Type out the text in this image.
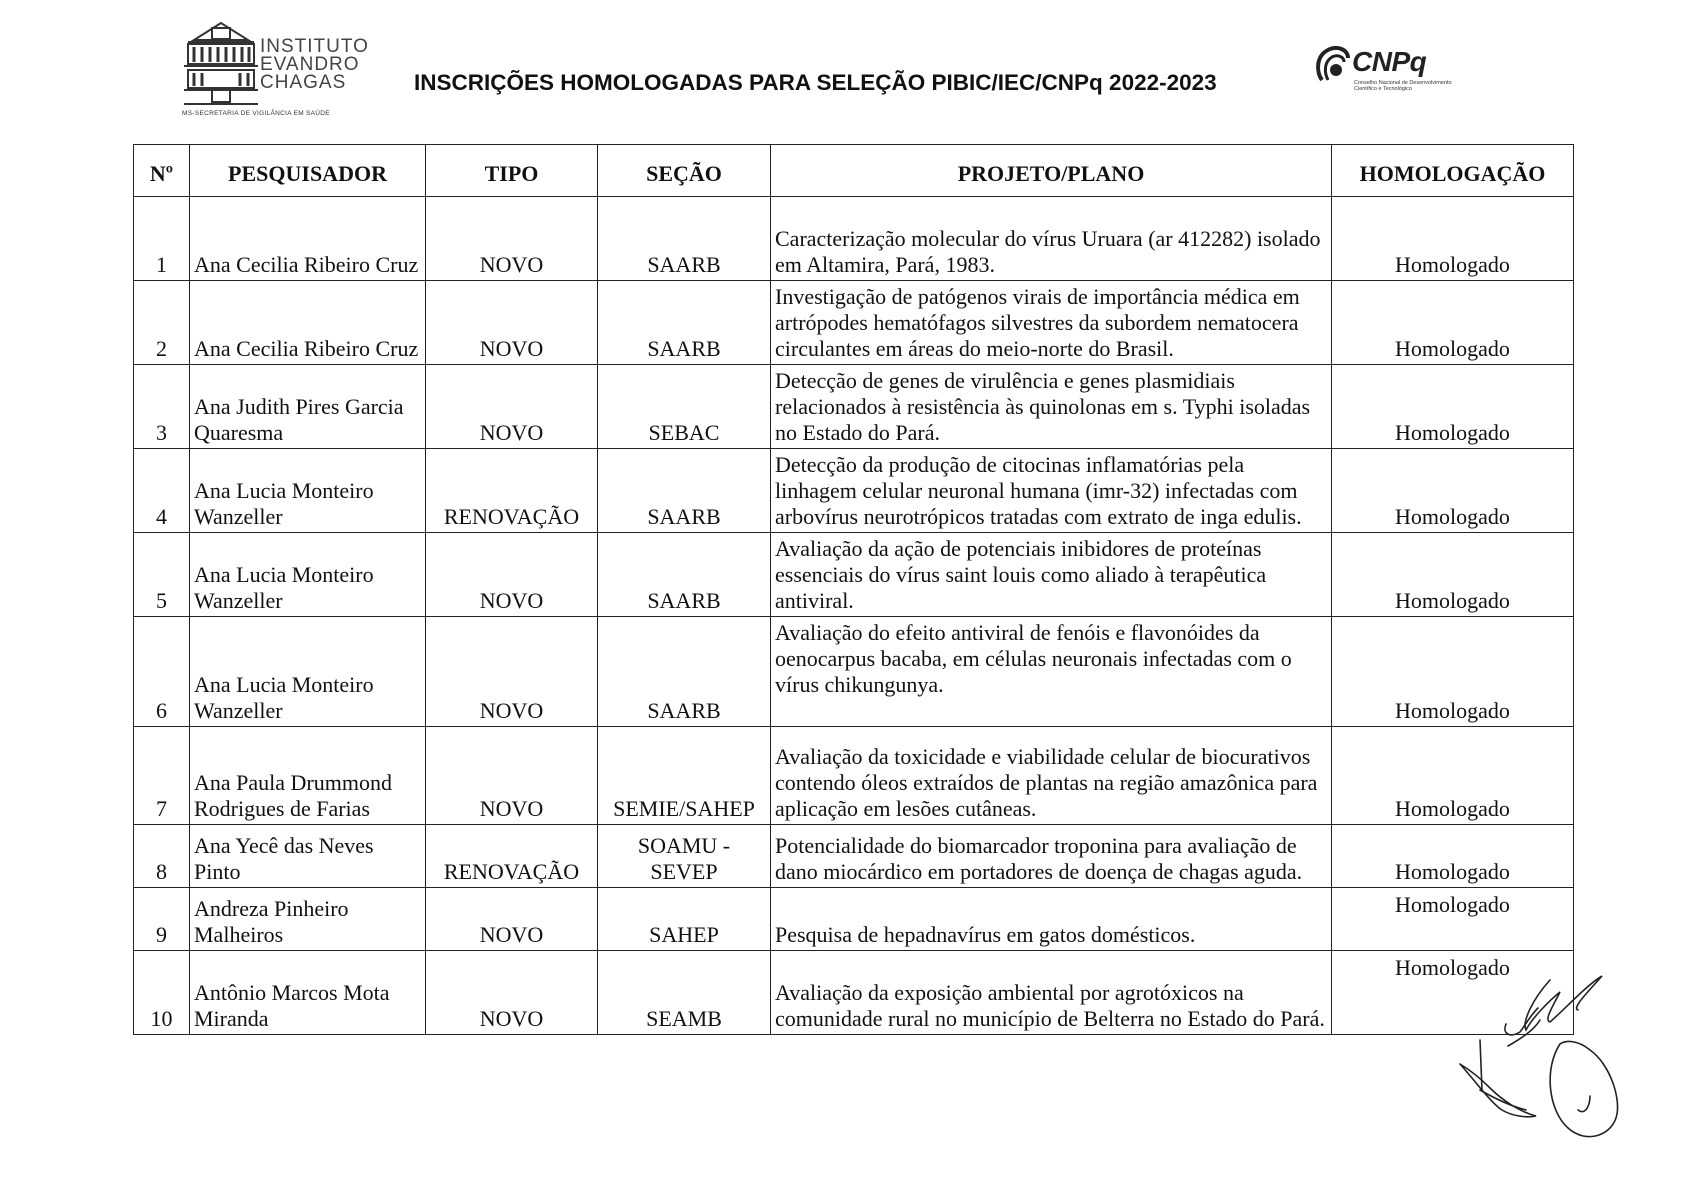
INSTITUTO
EVANDRO
CHAGAS
MS-SECRETARIA DE VIGILÂNCIA EM SAÚDE
INSCRIÇÕES HOMOLOGADAS PARA SELEÇÃO PIBIC/IEC/CNPq 2022-2023
CNPq
Conselho Nacional de Desenvolvimento Científico e Tecnológico
Nº	PESQUISADOR	TIPO	SEÇÃO	PROJETO/PLANO	HOMOLOGAÇÃO
1	Ana Cecilia Ribeiro Cruz	NOVO	SAARB	Caracterização molecular do vírus Uruara (ar 412282) isolado em Altamira, Pará, 1983.	Homologado
2	Ana Cecilia Ribeiro Cruz	NOVO	SAARB	Investigação de patógenos virais de importância médica em artrópodes hematófagos silvestres da subordem nematocera circulantes em áreas do meio-norte do Brasil.	Homologado
3	Ana Judith Pires Garcia Quaresma	NOVO	SEBAC	Detecção de genes de virulência e genes plasmidiais relacionados à resistência às quinolonas em s. Typhi isoladas no Estado do Pará.	Homologado
4	Ana Lucia Monteiro Wanzeller	RENOVAÇÃO	SAARB	Detecção da produção de citocinas inflamatórias pela linhagem celular neuronal humana (imr-32) infectadas com arbovírus neurotrópicos tratadas com extrato de inga edulis.	Homologado
5	Ana Lucia Monteiro Wanzeller	NOVO	SAARB	Avaliação da ação de potenciais inibidores de proteínas essenciais do vírus saint louis como aliado à terapêutica antiviral.	Homologado
6	Ana Lucia Monteiro Wanzeller	NOVO	SAARB	Avaliação do efeito antiviral de fenóis e flavonóides da oenocarpus bacaba, em células neuronais infectadas com o vírus chikungunya.	Homologado
7	Ana Paula Drummond Rodrigues de Farias	NOVO	SEMIE/SAHEP	Avaliação da toxicidade e viabilidade celular de biocurativos contendo óleos extraídos de plantas na região amazônica para aplicação em lesões cutâneas.	Homologado
8	Ana Yecê das Neves Pinto	RENOVAÇÃO	SOAMU - SEVEP	Potencialidade do biomarcador troponina para avaliação de dano miocárdico em portadores de doença de chagas aguda.	Homologado
9	Andreza Pinheiro Malheiros	NOVO	SAHEP	Pesquisa de hepadnavírus em gatos domésticos.	Homologado
10	Antônio Marcos Mota Miranda	NOVO	SEAMB	Avaliação da exposição ambiental por agrotóxicos na comunidade rural no município de Belterra no Estado do Pará.	Homologado
